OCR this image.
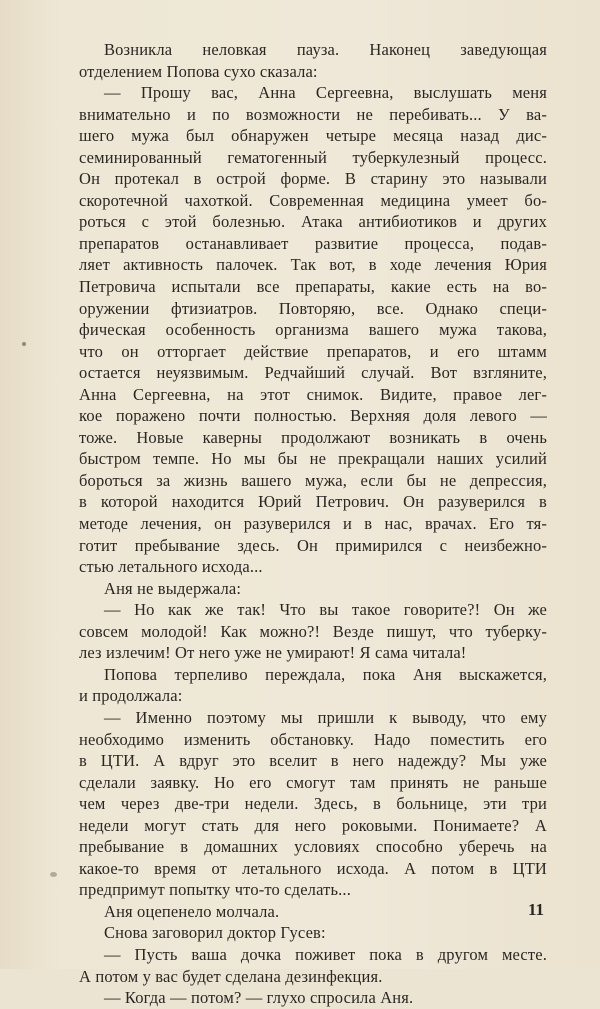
Возникла неловкая пауза. Наконец заведующая
отделением Попова сухо сказала:
— Прошу вас, Анна Сергеевна, выслушать меня
внимательно и по возможности не перебивать... У ва-
шего мужа был обнаружен четыре месяца назад дис-
семинированный гематогенный туберкулезный процесс.
Он протекал в острой форме. В старину это называли
скоротечной чахоткой. Современная медицина умеет бо-
роться с этой болезнью. Атака антибиотиков и других
препаратов останавливает развитие процесса, подав-
ляет активность палочек. Так вот, в ходе лечения Юрия
Петровича испытали все препараты, какие есть на во-
оружении фтизиатров. Повторяю, все. Однако специ-
фическая особенность организма вашего мужа такова,
что он отторгает действие препаратов, и его штамм
остается неуязвимым. Редчайший случай. Вот взгляните,
Анна Сергеевна, на этот снимок. Видите, правое лег-
кое поражено почти полностью. Верхняя доля левого —
тоже. Новые каверны продолжают возникать в очень
быстром темпе. Но мы бы не прекращали наших усилий
бороться за жизнь вашего мужа, если бы не депрессия,
в которой находится Юрий Петрович. Он разуверился в
методе лечения, он разуверился и в нас, врачах. Его тя-
готит пребывание здесь. Он примирился с неизбежно-
стью летального исхода...
Аня не выдержала:
— Но как же так! Что вы такое говорите?! Он же
совсем молодой! Как можно?! Везде пишут, что туберку-
лез излечим! От него уже не умирают! Я сама читала!
Попова терпеливо переждала, пока Аня выскажется,
и продолжала:
— Именно поэтому мы пришли к выводу, что ему
необходимо изменить обстановку. Надо поместить его
в ЦТИ. А вдруг это вселит в него надежду? Мы уже
сделали заявку. Но его смогут там принять не раньше
чем через две-три недели. Здесь, в больнице, эти три
недели могут стать для него роковыми. Понимаете? А
пребывание в домашних условиях способно уберечь на
какое-то время от летального исхода. А потом в ЦТИ
предпримут попытку что-то сделать...
Аня оцепенело молчала.
Снова заговорил доктор Гусев:
— Пусть ваша дочка поживет пока в другом месте.
А потом у вас будет сделана дезинфекция.
— Когда — потом? — глухо спросила Аня.
11
